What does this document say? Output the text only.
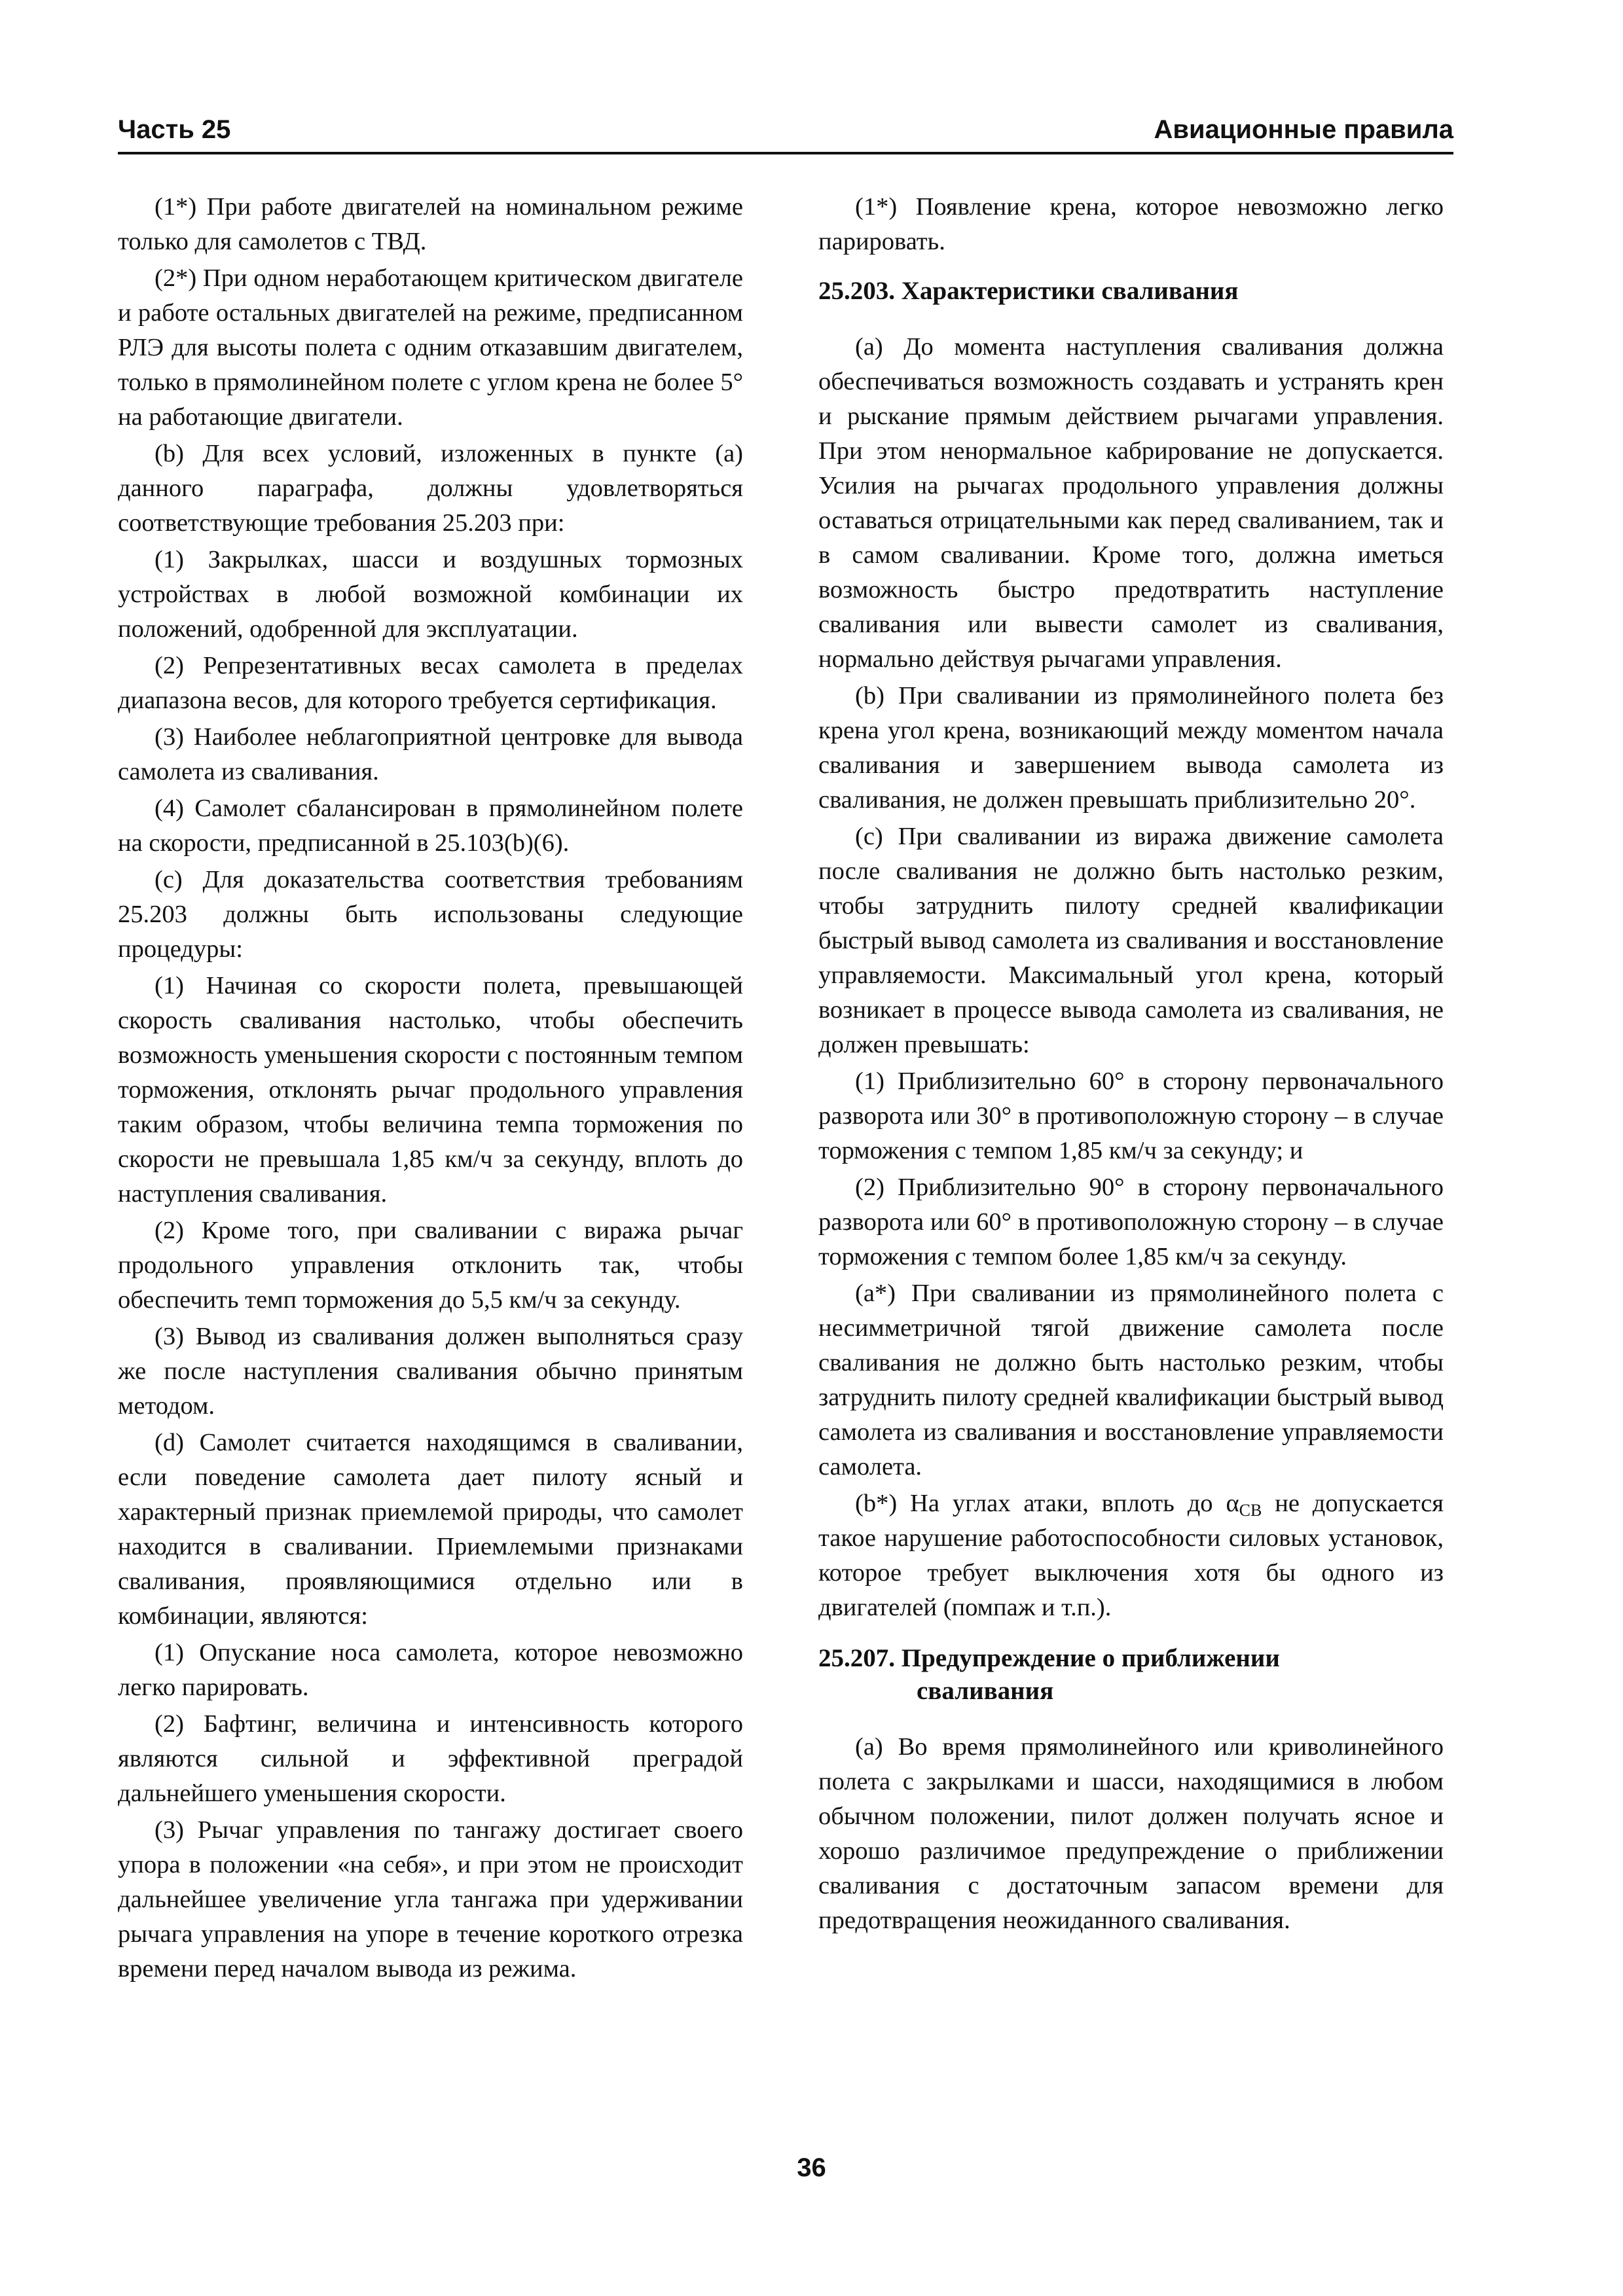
Часть 25	Авиационные правила

(1*) При работе двигателей на номинальном режиме только для самолетов с ТВД.

(2*) При одном неработающем критическом двигателе и работе остальных двигателей на режиме, предписанном РЛЭ для высоты полета с одним отказавшим двигателем, только в прямолинейном полете с углом крена не более 5° на работающие двигатели.

(b) Для всех условий, изложенных в пункте (a) данного параграфа, должны удовлетворяться соответствующие требования 25.203 при:

(1) Закрылках, шасси и воздушных тормозных устройствах в любой возможной комбинации их положений, одобренной для эксплуатации.

(2) Репрезентативных весах самолета в пределах диапазона весов, для которого требуется сертификация.

(3) Наиболее неблагоприятной центровке для вывода самолета из сваливания.

(4) Самолет сбалансирован в прямолинейном полете на скорости, предписанной в 25.103(b)(6).

(c) Для доказательства соответствия требованиям 25.203 должны быть использованы следующие процедуры:

(1) Начиная со скорости полета, превышающей скорость сваливания настолько, чтобы обеспечить возможность уменьшения скорости с постоянным темпом торможения, отклонять рычаг продольного управления таким образом, чтобы величина темпа торможения по скорости не превышала 1,85 км/ч за секунду, вплоть до наступления сваливания.

(2) Кроме того, при сваливании с виража рычаг продольного управления отклонить так, чтобы обеспечить темп торможения до 5,5 км/ч за секунду.

(3) Вывод из сваливания должен выполняться сразу же после наступления сваливания обычно принятым методом.

(d) Самолет считается находящимся в сваливании, если поведение самолета дает пилоту ясный и характерный признак приемлемой природы, что самолет находится в сваливании. Приемлемыми признаками сваливания, проявляющимися отдельно или в комбинации, являются:

(1) Опускание носа самолета, которое невозможно легко парировать.

(2) Бафтинг, величина и интенсивность которого являются сильной и эффективной преградой дальнейшего уменьшения скорости.

(3) Рычаг управления по тангажу достигает своего упора в положении «на себя», и при этом не происходит дальнейшее увеличение угла тангажа при удерживании рычага управления на упоре в течение короткого отрезка времени перед началом вывода из режима.

(1*) Появление крена, которое невозможно легко парировать.

25.203. Характеристики сваливания

(a) До момента наступления сваливания должна обеспечиваться возможность создавать и устранять крен и рыскание прямым действием рычагами управления. При этом ненормальное кабрирование не допускается. Усилия на рычагах продольного управления должны оставаться отрицательными как перед сваливанием, так и в самом сваливании. Кроме того, должна иметься возможность быстро предотвратить наступление сваливания или вывести самолет из сваливания, нормально действуя рычагами управления.

(b) При сваливании из прямолинейного полета без крена угол крена, возникающий между моментом начала сваливания и завершением вывода самолета из сваливания, не должен превышать приблизительно 20°.

(c) При сваливании из виража движение самолета после сваливания не должно быть настолько резким, чтобы затруднить пилоту средней квалификации быстрый вывод самолета из сваливания и восстановление управляемости. Максимальный угол крена, который возникает в процессе вывода самолета из сваливания, не должен превышать:

(1) Приблизительно 60° в сторону первоначального разворота или 30° в противоположную сторону – в случае торможения с темпом 1,85 км/ч за секунду; и

(2) Приблизительно 90° в сторону первоначального разворота или 60° в противоположную сторону – в случае торможения с темпом более 1,85 км/ч за секунду.

(a*) При сваливании из прямолинейного полета с несимметричной тягой движение самолета после сваливания не должно быть настолько резким, чтобы затруднить пилоту средней квалификации быстрый вывод самолета из сваливания и восстановление управляемости самолета.

(b*) На углах атаки, вплоть до $\alpha_{СВ}$ не допускается такое нарушение работоспособности силовых установок, которое требует выключения хотя бы одного из двигателей (помпаж и т.п.).

25.207. Предупреждение о приближении
сваливания

(a) Во время прямолинейного или криволинейного полета с закрылками и шасси, находящимися в любом обычном положении, пилот должен получать ясное и хорошо различимое предупреждение о приближении сваливания с достаточным запасом времени для предотвращения неожиданного сваливания.

36
